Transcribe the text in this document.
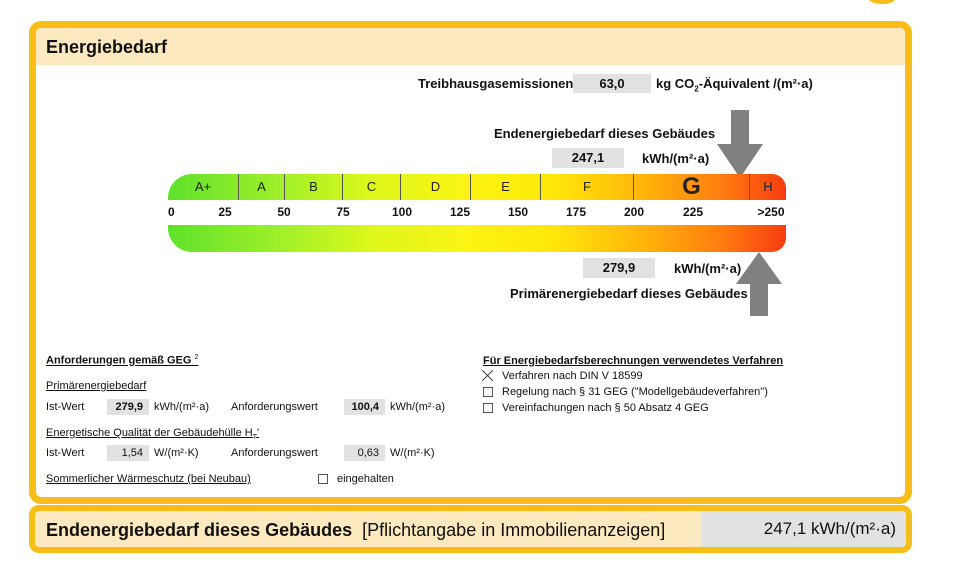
Energiebedarf
Treibhausgasemissionen	63,0	kg $CO_2$-Äquivalent /(m²·a)
Endenergiebedarf dieses Gebäudes
247,1	kWh/(m²·a)
A+	A	B	C	D	E	F	G	H
0	25	50	75	100	125	150	175	200	225	>250
279,9	kWh/(m²·a)
Primärenergiebedarf dieses Gebäudes
Anforderungen gemäß GEG $^2$
Primärenergiebedarf
Ist-Wert	279,9	kWh/(m²·a) Anforderungswert	100,4	kWh/(m²·a)
Energetische Qualität der Gebäudehülle $H_T'$
Ist-Wert	1,54	W/(m²·K)	Anforderungswert	0,63	W/(m²·K)
Sommerlicher Wärmeschutz (bei Neubau)	eingehalten
Für Energiebedarfsberechnungen verwendetes Verfahren
Verfahren nach DIN V 18599
Regelung nach § 31 GEG ("Modellgebäudeverfahren")
Vereinfachungen nach § 50 Absatz 4 GEG
Endenergiebedarf dieses Gebäudes [Pflichtangabe in Immobilienanzeigen]	247,1 kWh/(m²·a)
